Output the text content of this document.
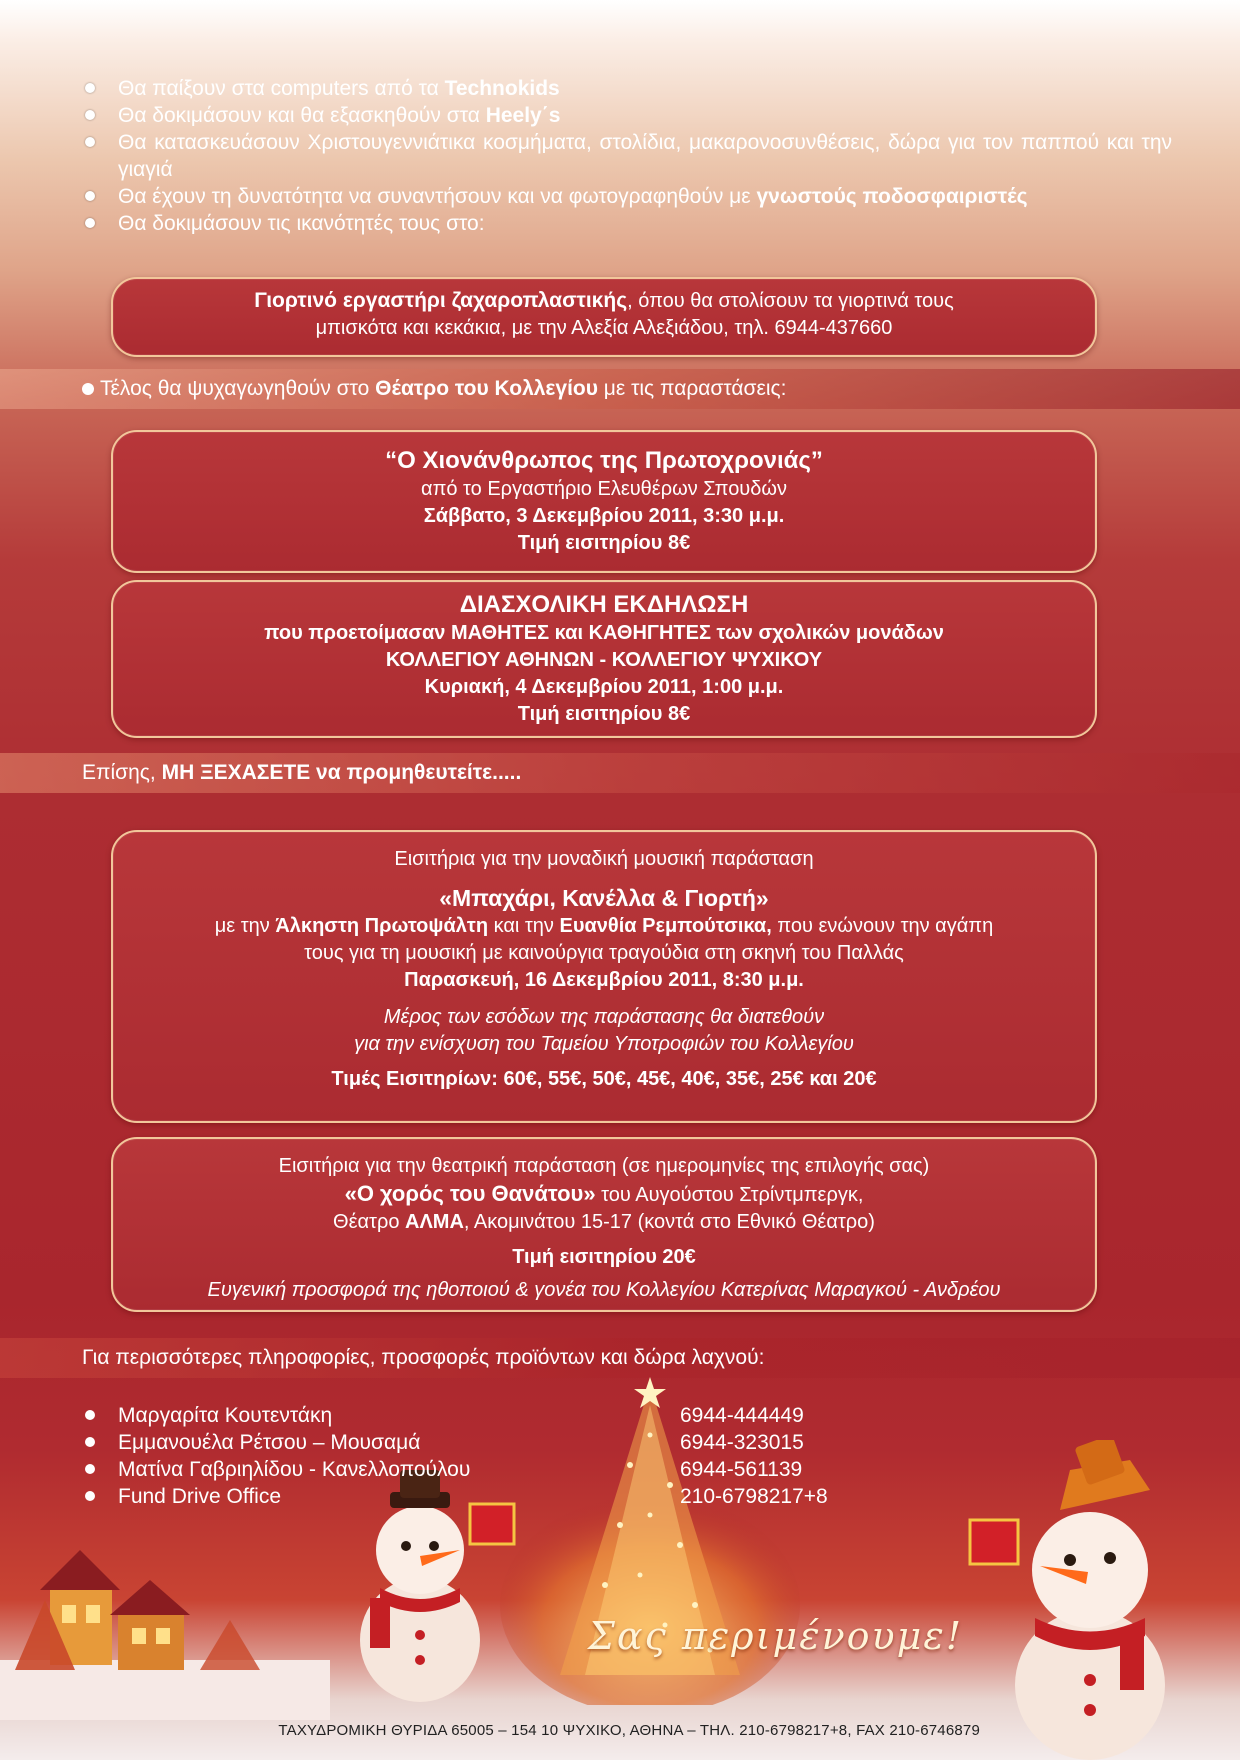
Θα παίξουν στα computers από τα Technokids
Θα δοκιμάσουν και θα εξασκηθούν στα Heely΄s
Θα κατασκευάσουν Χριστουγεννιάτικα κοσμήματα, στολίδια, μακαρονοσυνθέσεις, δώρα για τον παππού και την γιαγιά
Θα έχουν τη δυνατότητα να συναντήσουν και να φωτογραφηθούν με γνωστούς ποδοσφαιριστές
Θα δοκιμάσουν τις ικανότητές τους στο:
Γιορτινό εργαστήρι ζαχαροπλαστικής, όπου θα στολίσουν τα γιορτινά τους
μπισκότα και κεκάκια, με την Αλεξία Αλεξιάδου, τηλ. 6944-437660
Τέλος θα ψυχαγωγηθούν στο Θέατρο του Κολλεγίου με τις παραστάσεις:
“Ο Χιονάνθρωπος της Πρωτοχρονιάς”
από το Εργαστήριο Ελευθέρων Σπουδών
Σάββατο, 3 Δεκεμβρίου 2011, 3:30 μ.μ.
Τιμή εισιτηρίου 8€
ΔΙΑΣΧΟΛΙΚΗ ΕΚΔΗΛΩΣΗ
που προετοίμασαν ΜΑΘΗΤΕΣ και ΚΑΘΗΓΗΤΕΣ των σχολικών μονάδων
ΚΟΛΛΕΓΙΟΥ ΑΘΗΝΩΝ - ΚΟΛΛΕΓΙΟΥ ΨΥΧΙΚΟΥ
Κυριακή, 4 Δεκεμβρίου 2011, 1:00 μ.μ.
Τιμή εισιτηρίου 8€
Επίσης, ΜΗ ΞΕΧΑΣΕΤΕ να προμηθευτείτε.....
Εισιτήρια για την μοναδική μουσική παράσταση
«Μπαχάρι, Κανέλλα & Γιορτή»
με την Άλκηστη Πρωτοψάλτη και την Ευανθία Ρεμπούτσικα, που ενώνουν την αγάπη
τους για τη μουσική με καινούργια τραγούδια στη σκηνή του Παλλάς
Παρασκευή, 16 Δεκεμβρίου 2011, 8:30 μ.μ.
Μέρος των εσόδων της παράστασης θα διατεθούν
για την ενίσχυση του Ταμείου Υποτροφιών του Κολλεγίου
Τιμές Εισιτηρίων: 60€, 55€, 50€, 45€, 40€, 35€, 25€ και 20€
Εισιτήρια για την θεατρική παράσταση (σε ημερομηνίες της επιλογής σας)
«Ο χορός του Θανάτου» του Αυγούστου Στρίντμπεργκ,
Θέατρο ΑΛΜΑ, Ακομινάτου 15-17 (κοντά στο Εθνικό Θέατρο)
Τιμή εισιτηρίου 20€
Ευγενική προσφορά της ηθοποιού & γονέα του Κολλεγίου Κατερίνας Μαραγκού - Ανδρέου
Για περισσότερες πληροφορίες, προσφορές προϊόντων και δώρα λαχνού:
Μαργαρίτα Κουτεντάκη	6944-444449
Εμμανουέλα Ρέτσου – Μουσαμά	6944-323015
Ματίνα Γαβριηλίδου - Κανελλοπούλου	6944-561139
Fund Drive Office	210-6798217+8
Σας περιμένουμε!
ΤΑΧΥΔΡΟΜΙΚΗ ΘΥΡΙΔΑ 65005 – 154 10 ΨΥΧΙΚΟ, ΑΘΗΝΑ – ΤΗΛ. 210-6798217+8, FAX 210-6746879
